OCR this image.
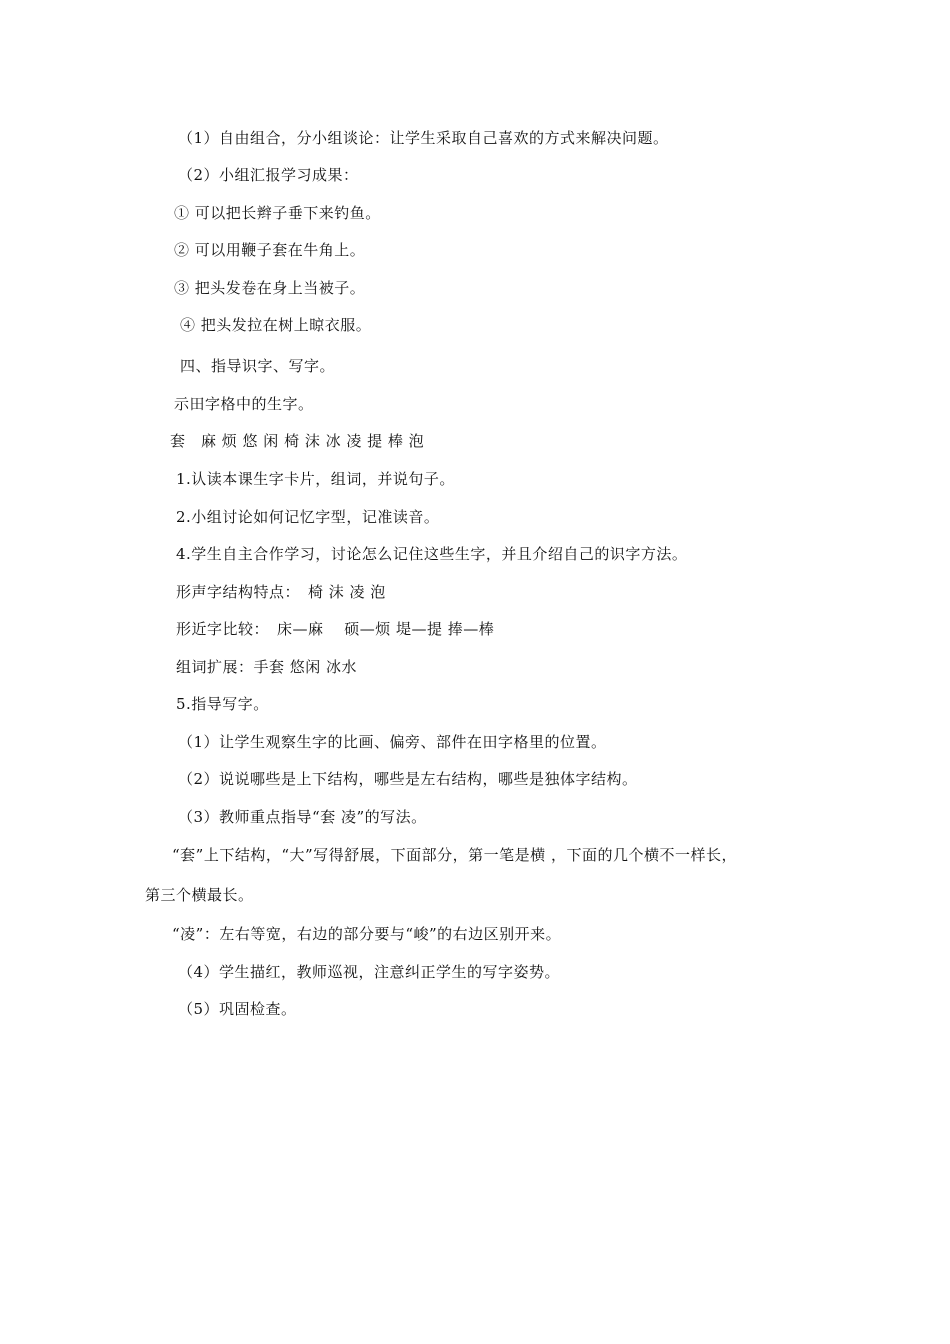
（1）自由组合，分小组谈论：让学生采取自己喜欢的方式来解决问题。
（2）小组汇报学习成果：
① 可以把长辫子垂下来钓鱼。
② 可以用鞭子套在牛角上。
③ 把头发卷在身上当被子。
④ 把头发拉在树上晾衣服。
四、指导识字、写字。
示田字格中的生字。
套　麻 烦 悠 闲 椅 沫 冰 凌 提 棒 泡
1.认读本课生字卡片，组词，并说句子。
2.小组讨论如何记忆字型，记准读音。
4.学生自主合作学习，讨论怎么记住这些生字，并且介绍自己的识字方法。
形声字结构特点：　椅 沫 凌 泡
形近字比较：　床—麻　 硕—烦 堤—提 捧—棒
组词扩展：手套 悠闲 冰水
5.指导写字。
（1）让学生观察生字的比画、偏旁、部件在田字格里的位置。
（2）说说哪些是上下结构，哪些是左右结构，哪些是独体字结构。
（3）教师重点指导“套 凌”的写法。
“套”上下结构，“大”写得舒展，下面部分，第一笔是横 ，下面的几个横不一样长，
第三个横最长。
“凌”：左右等宽，右边的部分要与“峻”的右边区别开来。
（4）学生描红，教师巡视，注意纠正学生的写字姿势。
（5）巩固检查。
